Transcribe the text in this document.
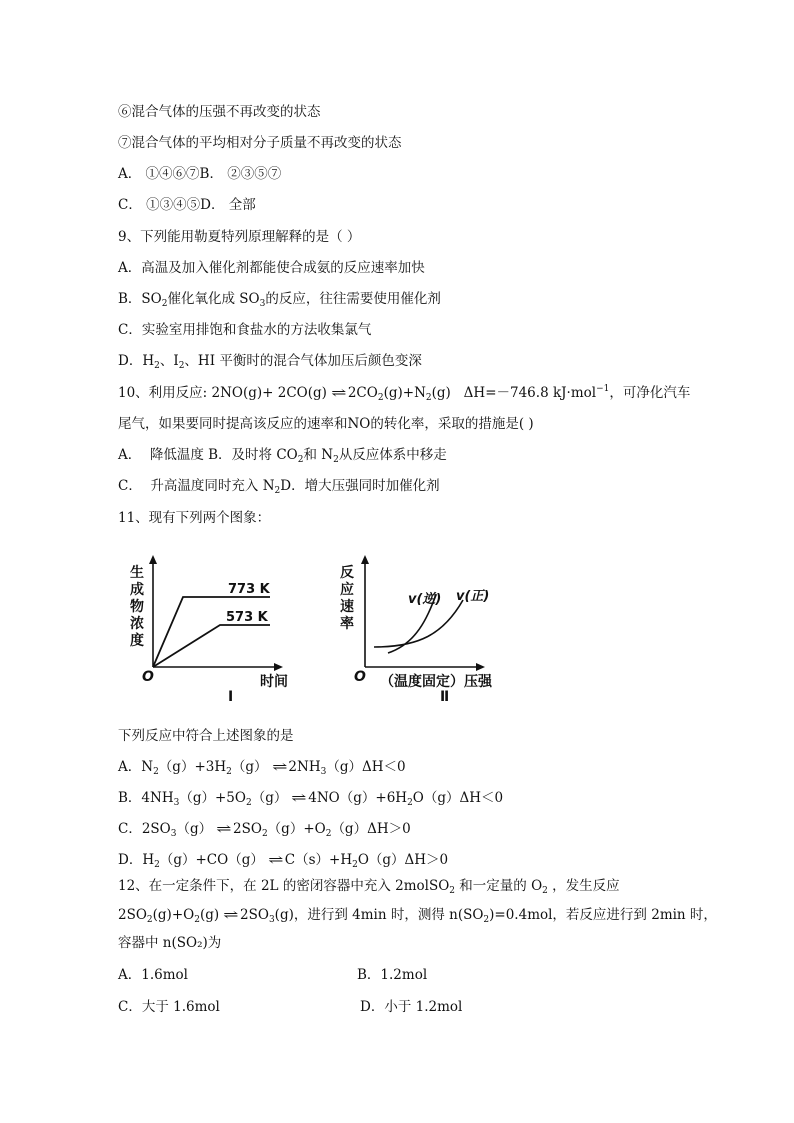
⑥混合气体的压强不再改变的状态
⑦混合气体的平均相对分子质量不再改变的状态
A． ①④⑥⑦B． ②③⑤⑦
C． ①③④⑤D． 全部
9、下列能用勒夏特列原理解释的是（ ）
A．高温及加入催化剂都能使合成氨的反应速率加快
B．$SO_2$催化氧化成 $SO_3$的反应，往往需要使用催化剂
C．实验室用排饱和食盐水的方法收集氯气
D．$H_2$、$I_2$、HI 平衡时的混合气体加压后颜色变深
10、利用反应: 2NO(g)+ 2CO(g) ⇌ $2CO_2(g)+N_2(g)$   ΔH=－746.8 kJ·mol$^{-1}$，可净化汽车
尾气，如果要同时提高该反应的速率和NO的转化率，采取的措施是( )
A．  降低温度 B．及时将 $CO_2$和 $N_2$从反应体系中移走
C．  升高温度同时充入 $N_2D$．增大压强同时加催化剂
11、现有下列两个图象：
生
成
物
浓
度
O
773 K
573 K
时间
Ⅰ
反
应
速
率
O
v(逆) v(正)
（温度固定）压强
Ⅱ
下列反应中符合上述图象的是
A．$N_2(g)+3H_2(g)$ ⇌ $2NH_3(g)\Delta H<0$
B．$4NH_3(g)+5O_2(g)$ ⇌ $4NO(g)+6H_2O(g)\Delta H<0$
C．$2SO_3(g)$ ⇌ $2SO_2(g)+O_2(g)\Delta H>0$
D．$H_2(g)+CO(g)$ ⇌ $C(s)+H_2O(g)\Delta H>0$
12、在一定条件下，在 2L 的密闭容器中充入 2molSO$_2$ 和一定量的 $O_2$ ，发生反应
$2SO_2(g)+O_2(g)$ ⇌ $2SO_3(g)$，进行到 4min 时，测得 $n(SO_2)=0.4mol$，若反应进行到 2min 时，
容器中 n(SO₂)为
A．1.6mol	B．1.2mol
C．大于 1.6mol	D．小于 1.2mol
